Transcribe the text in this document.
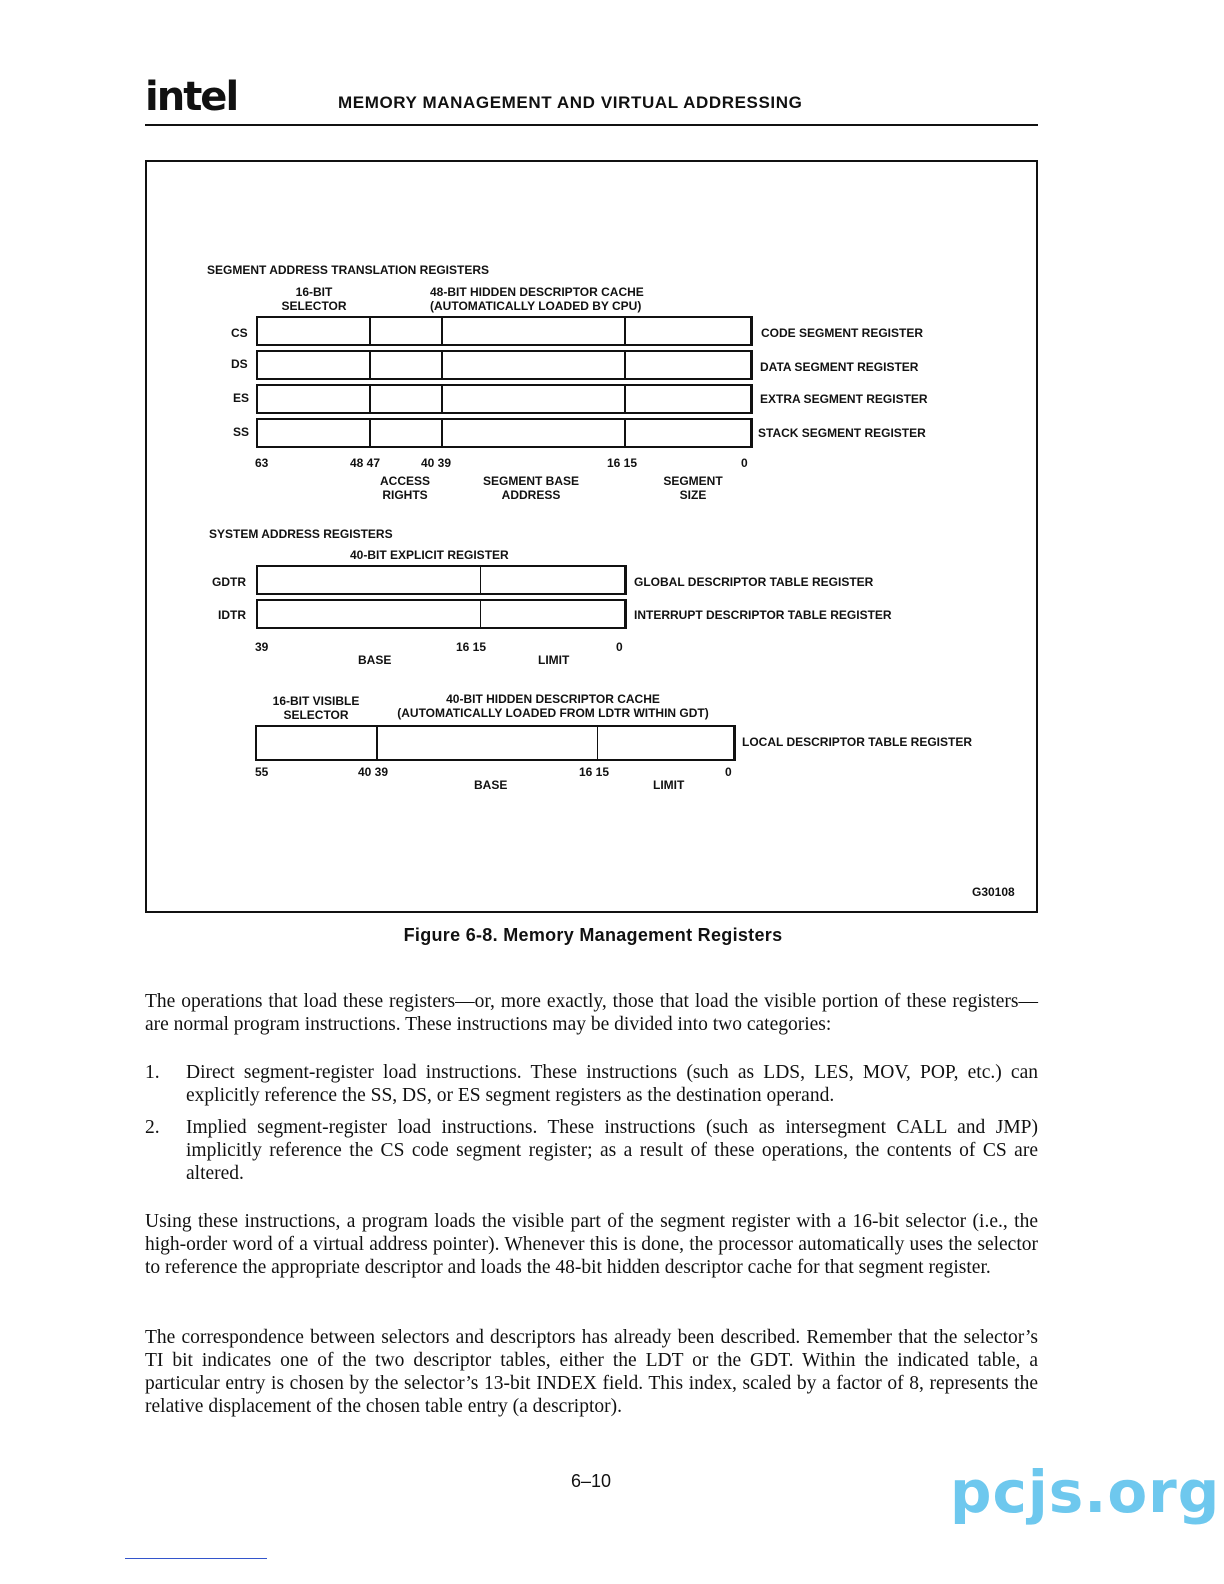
intel	MEMORY MANAGEMENT AND VIRTUAL ADDRESSING
SEGMENT ADDRESS TRANSLATION REGISTERS
16-BIT
SELECTOR
48-BIT HIDDEN DESCRIPTOR CACHE
(AUTOMATICALLY LOADED BY CPU)
CS
DS
ES
SS
CODE SEGMENT REGISTER
DATA SEGMENT REGISTER
EXTRA SEGMENT REGISTER
STACK SEGMENT REGISTER
63	48 47	40 39	16 15	0
ACCESS
RIGHTS
SEGMENT BASE
ADDRESS
SEGMENT
SIZE
SYSTEM ADDRESS REGISTERS
40-BIT EXPLICIT REGISTER
GDTR
IDTR
GLOBAL DESCRIPTOR TABLE REGISTER
INTERRUPT DESCRIPTOR TABLE REGISTER
39	16 15	0
BASE	LIMIT
16-BIT VISIBLE
SELECTOR
40-BIT HIDDEN DESCRIPTOR CACHE
(AUTOMATICALLY LOADED FROM LDTR WITHIN GDT)
LOCAL DESCRIPTOR TABLE REGISTER
55	40 39	16 15	0
BASE	LIMIT
G30108
Figure 6-8. Memory Management Registers
The operations that load these registers—or, more exactly, those that load the visible portion of these registers—are normal program instructions. These instructions may be divided into two categories:
1. Direct segment-register load instructions. These instructions (such as LDS, LES, MOV, POP, etc.) can explicitly reference the SS, DS, or ES segment registers as the destination operand.
2. Implied segment-register load instructions. These instructions (such as intersegment CALL and JMP) implicitly reference the CS code segment register; as a result of these operations, the contents of CS are altered.
Using these instructions, a program loads the visible part of the segment register with a 16-bit selector (i.e., the high-order word of a virtual address pointer). Whenever this is done, the processor automatically uses the selector to reference the appropriate descriptor and loads the 48-bit hidden descriptor cache for that segment register.
The correspondence between selectors and descriptors has already been described. Remember that the selector’s TI bit indicates one of the two descriptor tables, either the LDT or the GDT. Within the indicated table, a particular entry is chosen by the selector’s 13-bit INDEX field. This index, scaled by a factor of 8, represents the relative displacement of the chosen table entry (a descriptor).
6–10	pcjs.org
